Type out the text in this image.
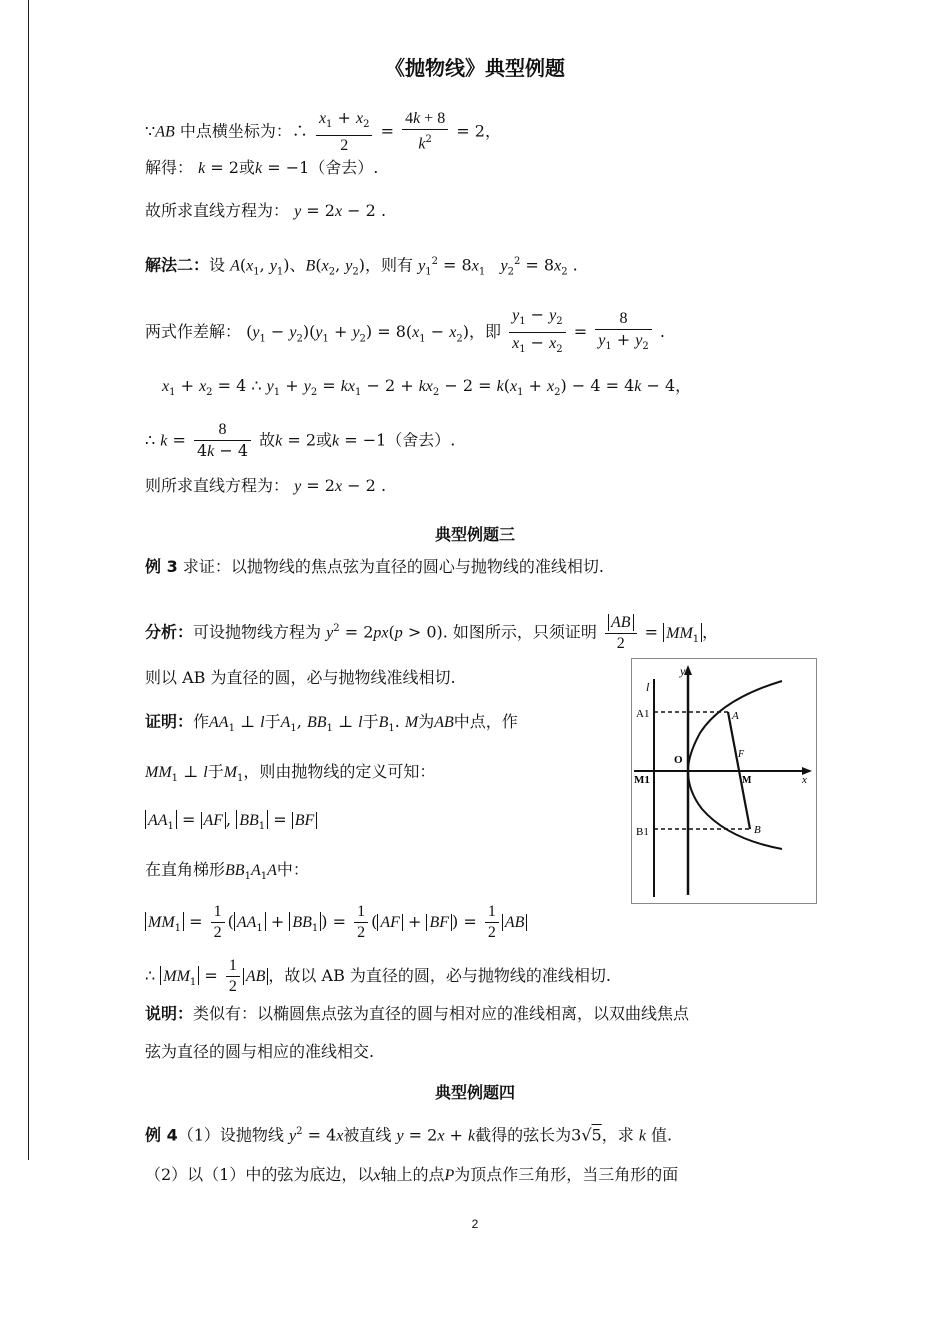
《抛物线》典型例题
∵AB 中点横坐标为：∴ $\frac{x_1 + x_2}{2} = \frac{4k + 8}{k^2} = 2$，
解得： k = 2或k = −1（舍去）.
故所求直线方程为： y = 2x − 2 .
解法二：设 $A(x_1$, $y_1$)、$B(x_2$, $y_2$)，则有 $y_1^2 = 8x_1$ $y_2^2 = 8x_2$ .
两式作差解： $(y_1 - y_2)(y_1 + y_2) = 8(x_1 - x_2)$，即 $\frac{y_1 - y_2}{x_1 - x_2} = \frac{8}{y_1 + y_2}$ .
$x_1 + x_2 = 4$ ∴ $y_1 + y_2 = kx_1 - 2 + kx_2 - 2 = k(x_1 + x_2) - 4 = 4k - 4$，
∴ $k = \frac{8}{4k - 4}$ 故k = 2或k = −1（舍去）.
则所求直线方程为： y = 2x − 2 .
典型例题三
例 3 求证：以抛物线的焦点弦为直径的圆心与抛物线的准线相切.
分析：可设抛物线方程为 $y^2 = 2px(p > 0)$. 如图所示，只须证明 $\frac{AB}{2} = MM_1$ ，
则以 AB 为直径的圆，必与抛物线准线相切.
证明：作$AA_1$ ⊥ l于$A_1$, $BB_1$ ⊥ l于$B_1$. M为AB中点，作
$MM_1$ ⊥ l于$M_1$，则由抛物线的定义可知：
$AA_1$ = AF , $BB_1$ = BF
在直角梯形$BB_1A_1A$中：
$MM_1 = \frac{1}{2}$ ( $AA_1 + BB_1$ ) = $\frac{1}{2}$ ( AF + BF ) = $\frac{1}{2}$ AB
∴ $MM_1 = \frac{1}{2}$ AB ，故以 AB 为直径的圆，必与抛物线的准线相切.
说明：类似有：以椭圆焦点弦为直径的圆与相对应的准线相离，以双曲线焦点
弦为直径的圆与相应的准线相交.
典型例题四
例 4（1）设抛物线 $y^2 = 4x$被直线 y = 2x + k截得的弦长为3√5，求 k 值.
（2）以（1）中的弦为底边，以x轴上的点P为顶点作三角形，当三角形的面
y
l
A1	A
O	F
M1	M	x
B1	B
2
